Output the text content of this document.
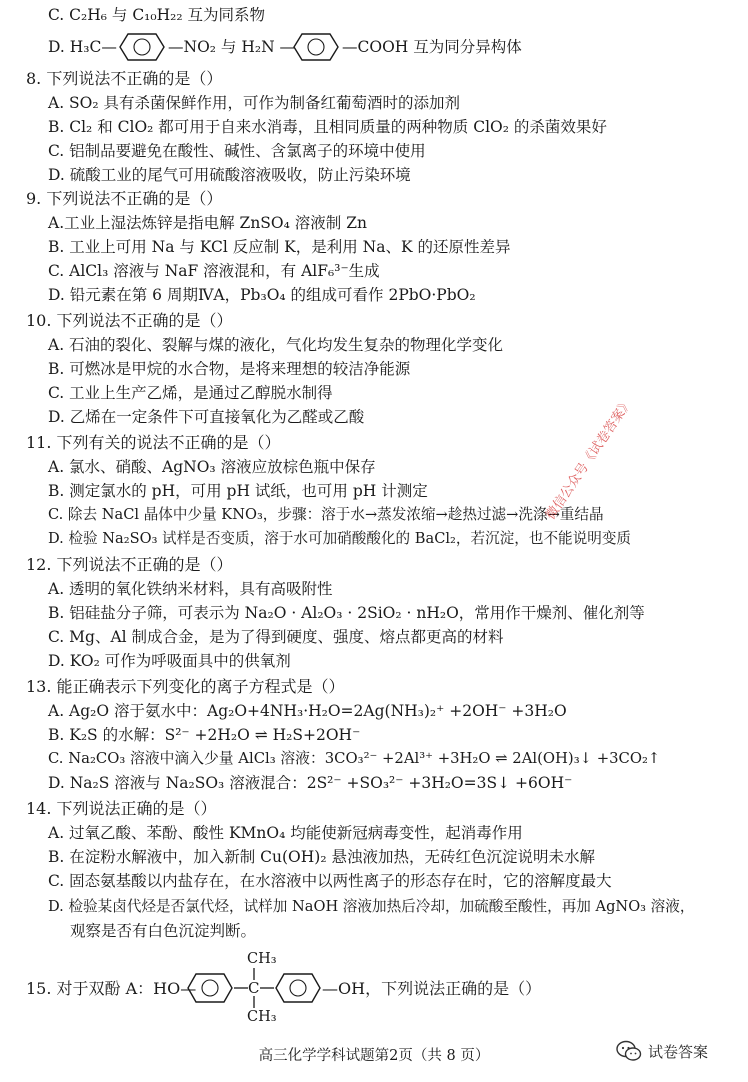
C. C₂H₆ 与 C₁₀H₂₂ 互为同系物
D. H₃C—	—NO₂ 与 H₂N —	—COOH 互为同分异构体
8. 下列说法不正确的是（）
A. SO₂ 具有杀菌保鲜作用，可作为制备红葡萄酒时的添加剂
B. Cl₂ 和 ClO₂ 都可用于自来水消毒，且相同质量的两种物质 ClO₂ 的杀菌效果好
C. 铝制品要避免在酸性、碱性、含氯离子的环境中使用
D. 硫酸工业的尾气可用硫酸溶液吸收，防止污染环境
9. 下列说法不正确的是（）
A.工业上湿法炼锌是指电解 ZnSO₄ 溶液制 Zn
B. 工业上可用 Na 与 KCl 反应制 K，是利用 Na、K 的还原性差异
C. AlCl₃ 溶液与 NaF 溶液混和，有 AlF₆³⁻生成
D. 铅元素在第 6 周期ⅣA，Pb₃O₄ 的组成可看作 2PbO·PbO₂
10. 下列说法不正确的是（）
A. 石油的裂化、裂解与煤的液化，气化均发生复杂的物理化学变化
B. 可燃冰是甲烷的水合物，是将来理想的较洁净能源
C. 工业上生产乙烯，是通过乙醇脱水制得
D. 乙烯在一定条件下可直接氧化为乙醛或乙酸
11. 下列有关的说法不正确的是（）
A. 氯水、硝酸、AgNO₃ 溶液应放棕色瓶中保存
B. 测定氯水的 pH，可用 pH 试纸，也可用 pH 计测定
C. 除去 NaCl 晶体中少量 KNO₃，步骤：溶于水→蒸发浓缩→趁热过滤→洗涤→重结晶
D. 检验 Na₂SO₃ 试样是否变质，溶于水可加硝酸酸化的 BaCl₂，若沉淀，也不能说明变质
12. 下列说法不正确的是（）
A. 透明的氧化铁纳米材料，具有高吸附性
B. 铝硅盐分子筛，可表示为 Na₂O · Al₂O₃ · 2SiO₂ · nH₂O，常用作干燥剂、催化剂等
C. Mg、Al 制成合金，是为了得到硬度、强度、熔点都更高的材料
D. KO₂ 可作为呼吸面具中的供氧剂
13. 能正确表示下列变化的离子方程式是（）
A. Ag₂O 溶于氨水中：Ag₂O+4NH₃·H₂O=2Ag(NH₃)₂⁺ +2OH⁻ +3H₂O
B. K₂S 的水解：S²⁻ +2H₂O ⇌ H₂S+2OH⁻
C. Na₂CO₃ 溶液中滴入少量 AlCl₃ 溶液：3CO₃²⁻ +2Al³⁺ +3H₂O ⇌ 2Al(OH)₃↓ +3CO₂↑
D. Na₂S 溶液与 Na₂SO₃ 溶液混合：2S²⁻ +SO₃²⁻ +3H₂O=3S↓ +6OH⁻
14. 下列说法正确的是（）
A. 过氧乙酸、苯酚、酸性 KMnO₄ 均能使新冠病毒变性，起消毒作用
B. 在淀粉水解液中，加入新制 Cu(OH)₂ 悬浊液加热，无砖红色沉淀说明未水解
C. 固态氨基酸以内盐存在，在水溶液中以两性离子的形态存在时，它的溶解度最大
D. 检验某卤代烃是否氯代烃，试样加 NaOH 溶液加热后冷却，加硫酸至酸性，再加 AgNO₃ 溶液，
观察是否有白色沉淀判断。
15. 对于双酚 A：HO—
CH₃
C
CH₃
—OH，下列说法正确的是（）
微信公众号《试卷答案》
高三化学学科试题第2页（共 8 页）	试卷答案
